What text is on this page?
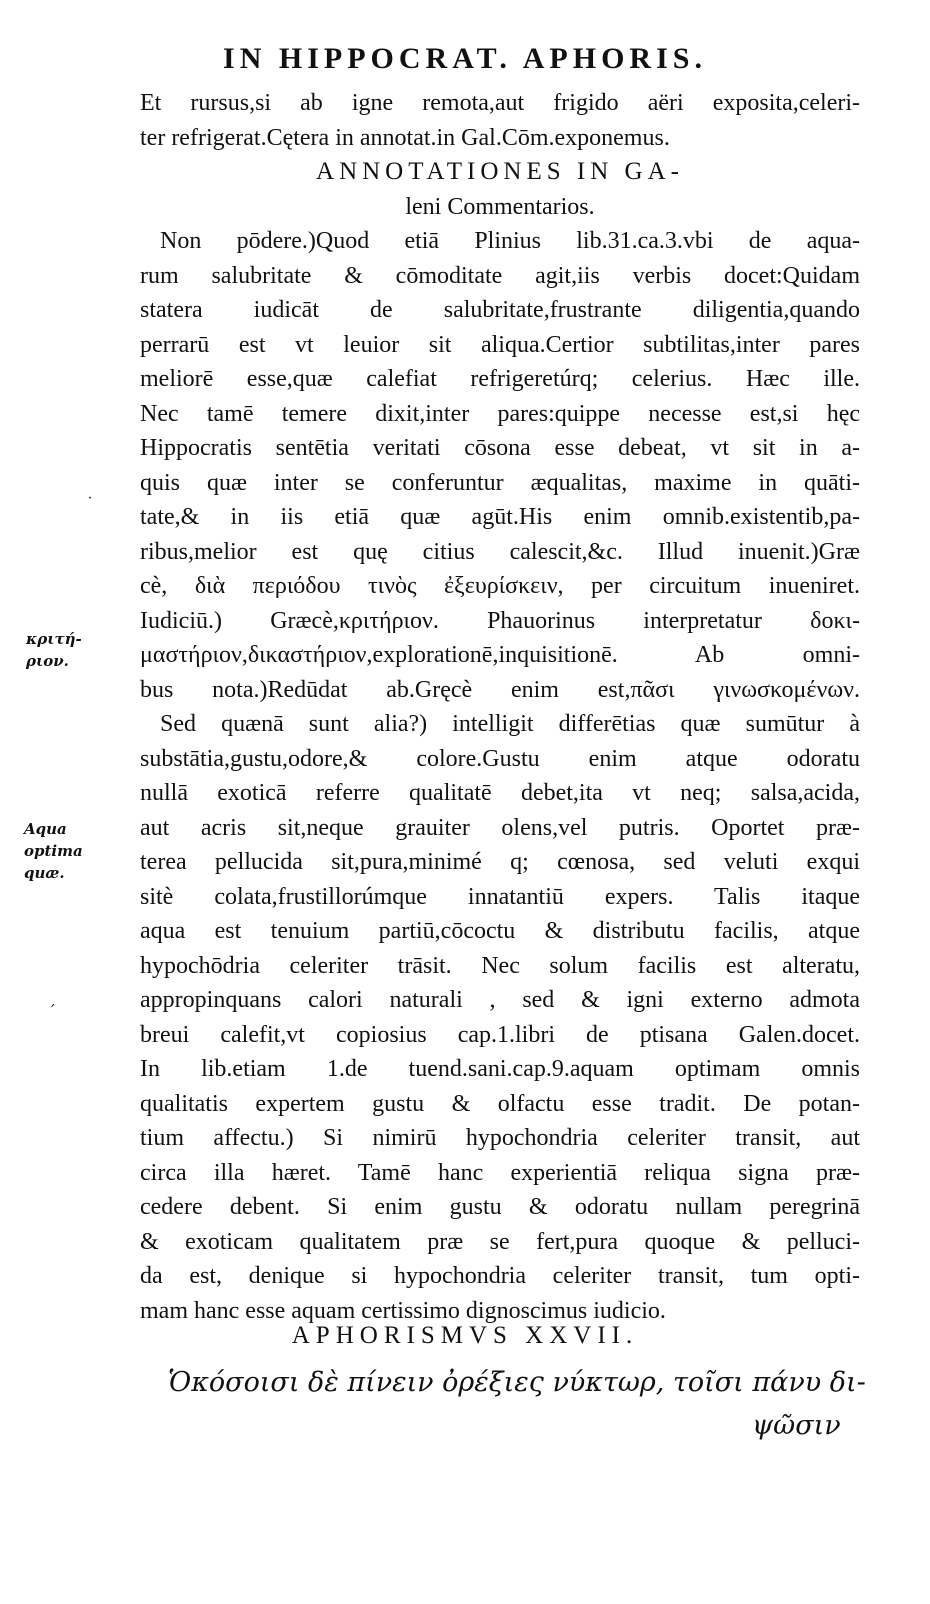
IN HIPPOCRAT. APHORIS.
Et rursus,si ab igne remota,aut frigido aëri exposita,celeri-
ter refrigerat.Cętera in annotat.in Gal.Cōm.exponemus.
ANNOTATIONES IN GA-
leni Commentarios.
Non pōdere.)Quod etiā Plinius lib.31.ca.3.vbi de aqua-
rum salubritate & cōmoditate agit,iis verbis docet:Quidam
statera iudicāt de salubritate,frustrante diligentia,quando
perrarū est vt leuior sit aliqua.Certior subtilitas,inter pares
meliorē esse,quæ calefiat refrigeretúrq; celerius. Hæc ille.
Nec tamē temere dixit,inter pares:quippe necesse est,si hęc
Hippocratis sentētia veritati cōsona esse debeat, vt sit in a-
quis quæ inter se conferuntur æqualitas, maxime in quāti-
tate,& in iis etiā quæ agūt.His enim omnib.existentib,pa-
ribus,melior est quę citius calescit,&c. Illud inuenit.)Græ
cè, διὰ περιόδου τινὸς ἐξευρίσκειν, per circuitum inueniret.
Iudiciū.) Græcè,κριτήριον. Phauorinus interpretatur δοκι-
μαστήριον,δικαστήριον,explorationē,inquisitionē. Ab omni-
bus nota.)Redūdat ab.Gręcè enim est,πᾶσι γινωσκομένων.
Sed quænā sunt alia?) intelligit differētias quæ sumūtur à
substātia,gustu,odore,& colore.Gustu enim atque odoratu
nullā exoticā referre qualitatē debet,ita vt neq; salsa,acida,
aut acris sit,neque grauiter olens,vel putris. Oportet præ-
terea pellucida sit,pura,minimé q; cœnosa, sed veluti exqui
sitè colata,frustillorúmque innatantiū expers. Talis itaque
aqua est tenuium partiū,cōcoctu & distributu facilis, atque
hypochōdria celeriter trāsit. Nec solum facilis est alteratu,
appropinquans calori naturali , sed & igni externo admota
breui calefit,vt copiosius cap.1.libri de ptisana Galen.docet.
In lib.etiam 1.de tuend.sani.cap.9.aquam optimam omnis
qualitatis expertem gustu & olfactu esse tradit. De potan-
tium affectu.) Si nimirū hypochondria celeriter transit, aut
circa illa hæret. Tamē hanc experientiā reliqua signa præ-
cedere debent. Si enim gustu & odoratu nullam peregrinā
& exoticam qualitatem præ se fert,pura quoque & pelluci-
da est, denique si hypochondria celeriter transit, tum opti-
mam hanc esse aquam certissimo dignoscimus iudicio.
APHORISMVS XXVII.
Ὁκόσοισι δὲ πίνειν ὀρέξιες νύκτωρ, τοῖσι πάνυ δι-
ψῶσιν
κριτή-
ριον.
Aqua
optima
quæ.
˙
ˊ
